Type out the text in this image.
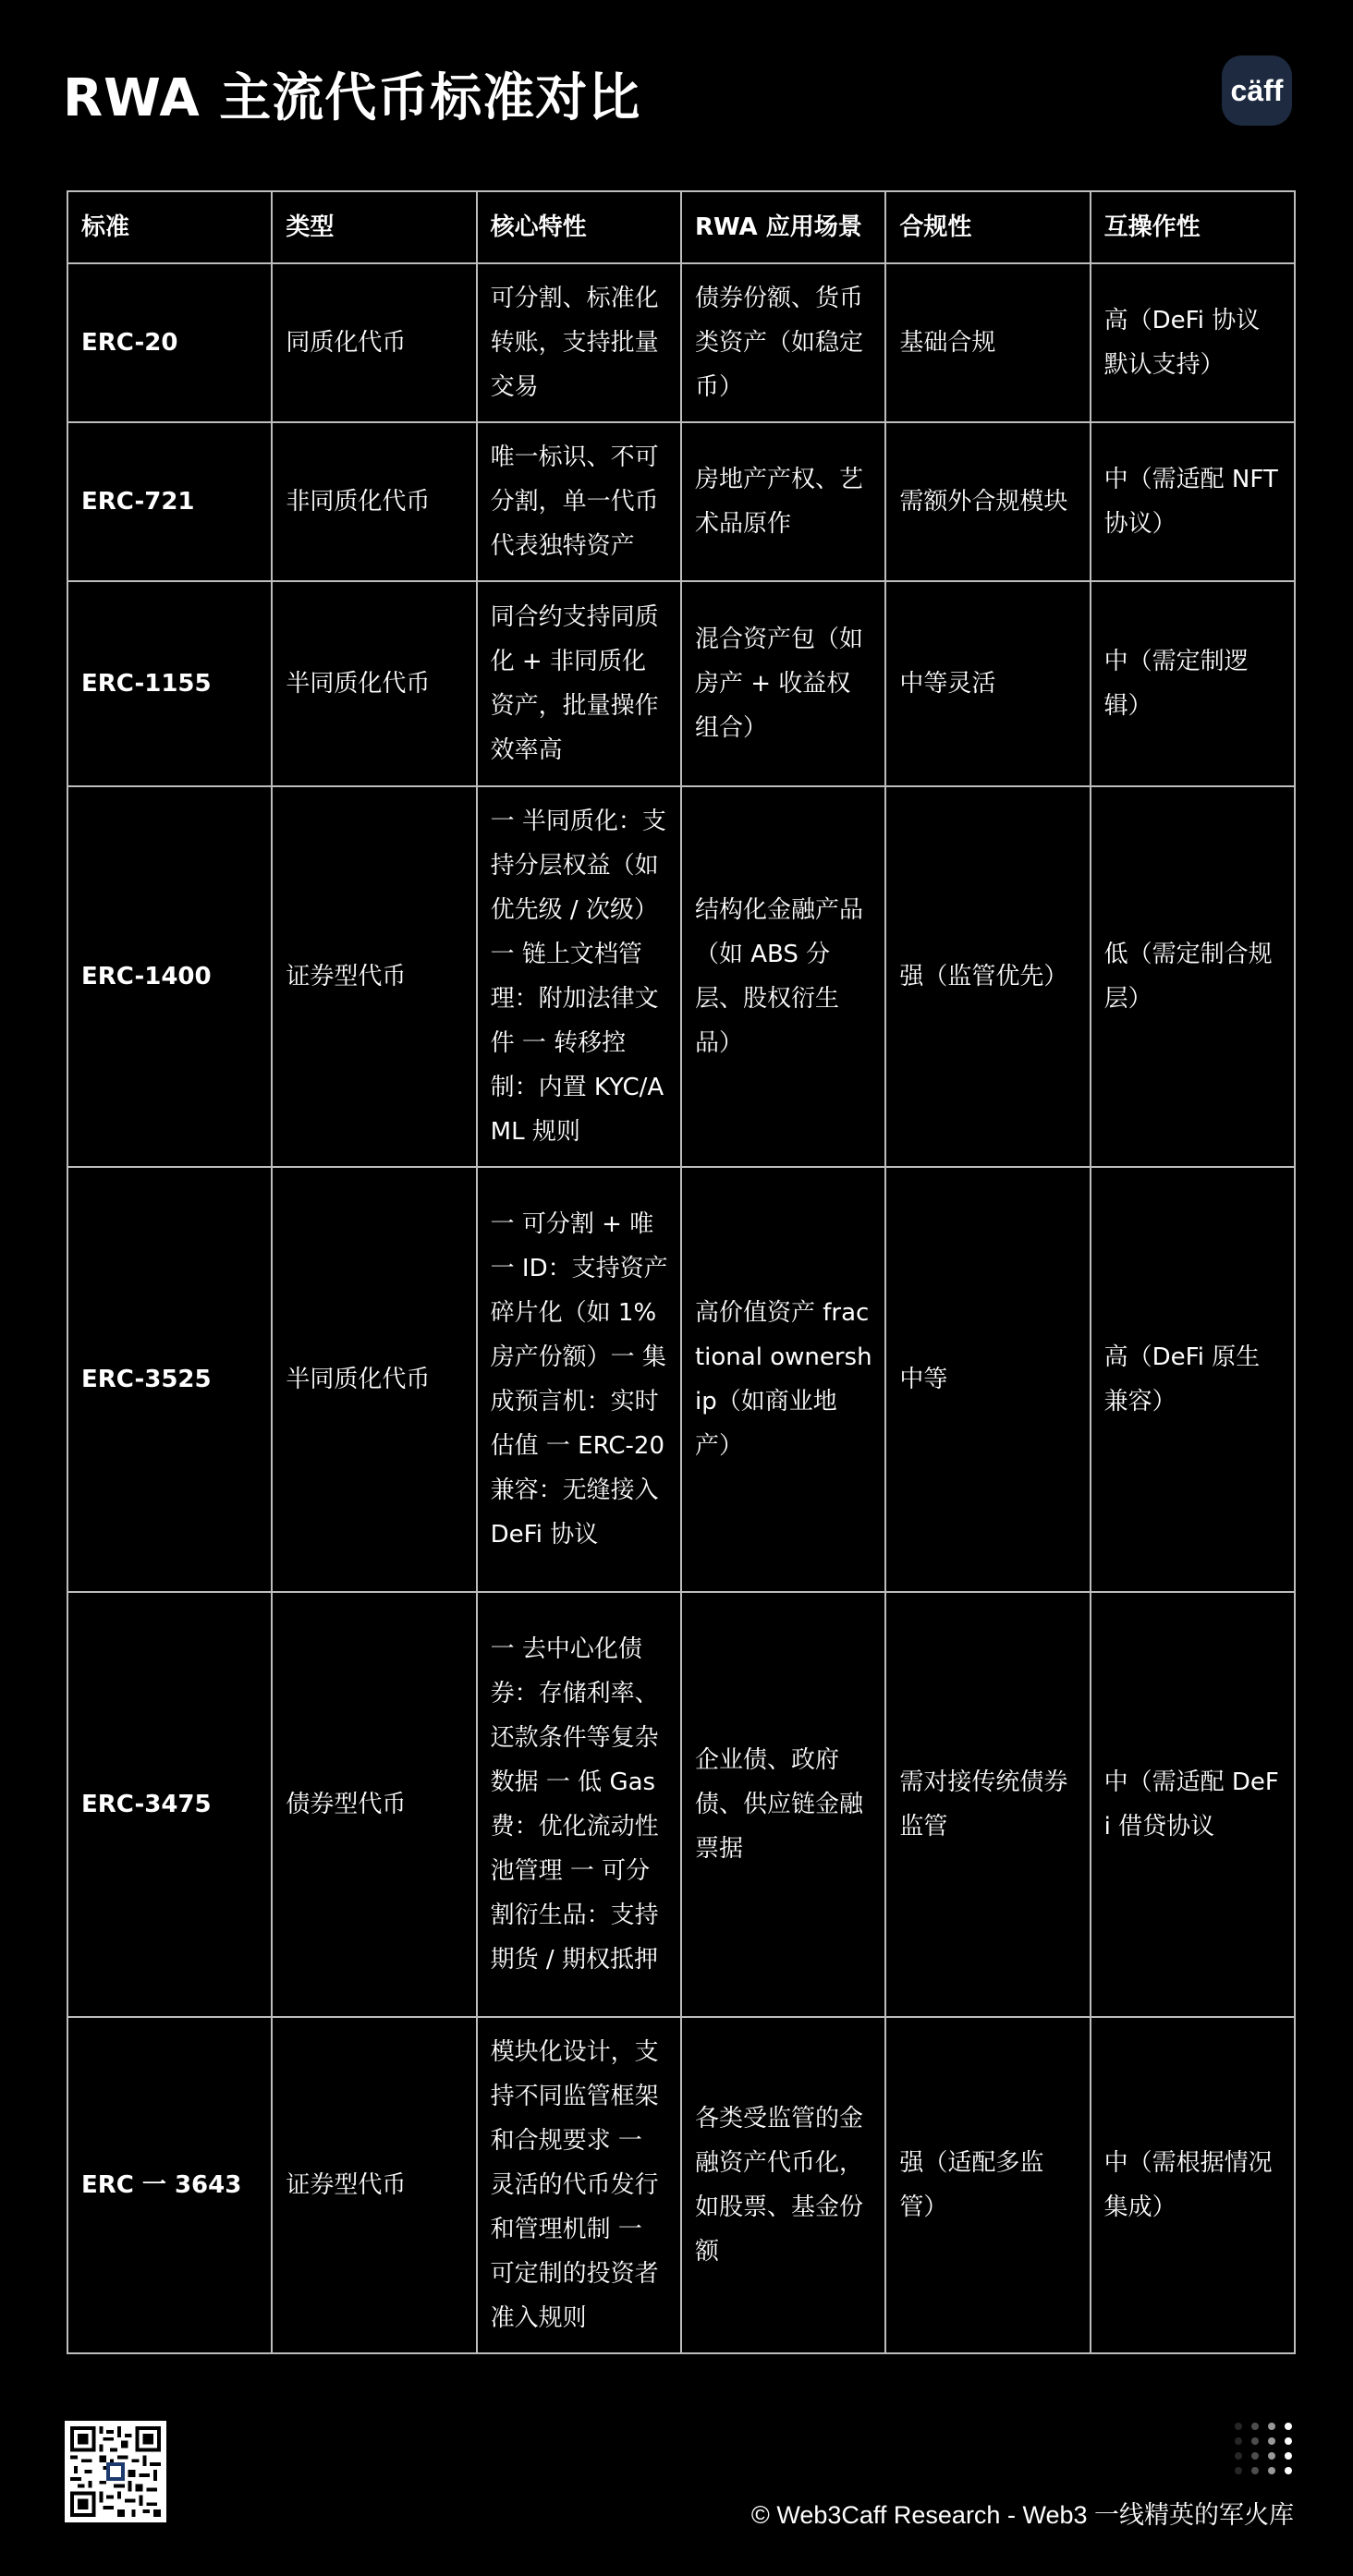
RWA 主流代币标准对比	cäff
标准	类型	核心特性	RWA 应用场景	合规性	互操作性
ERC-20	同质化代币	可分割、标准化转账，支持批量交易	债券份额、货币类资产（如稳定币）	基础合规	高（DeFi 协议默认支持）
ERC-721	非同质化代币	唯一标识、不可分割，单一代币代表独特资产	房地产产权、艺术品原作	需额外合规模块	中（需适配 NFT 协议）
ERC-1155	半同质化代币	同合约支持同质化 + 非同质化资产，批量操作效率高	混合资产包（如房产 + 收益权组合）	中等灵活	中（需定制逻辑）
ERC-1400	证券型代币	一 半同质化：支持分层权益（如优先级 / 次级）一 链上文档管理：附加法律文件 一 转移控制：内置 KYC/AML 规则	结构化金融产品（如 ABS 分层、股权衍生品）	强（监管优先）	低（需定制合规层）
ERC-3525	半同质化代币	一 可分割 + 唯一 ID：支持资产碎片化（如 1% 房产份额）一 集成预言机：实时估值 一 ERC-20 兼容：无缝接入 DeFi 协议	高价值资产 fractional ownership（如商业地产）	中等	高（DeFi 原生兼容）
ERC-3475	债券型代币	一 去中心化债券：存储利率、还款条件等复杂数据 一 低 Gas 费：优化流动性池管理 一 可分割衍生品：支持期货 / 期权抵押	企业债、政府债、供应链金融票据	需对接传统债券监管	中（需适配 DeFi 借贷协议
ERC 一 3643	证券型代币	模块化设计，支持不同监管框架和合规要求 一 灵活的代币发行和管理机制 一 可定制的投资者准入规则	各类受监管的金融资产代币化，如股票、基金份额	强（适配多监管）	中（需根据情况集成）
© Web3Caff Research - Web3 一线精英的军火库
